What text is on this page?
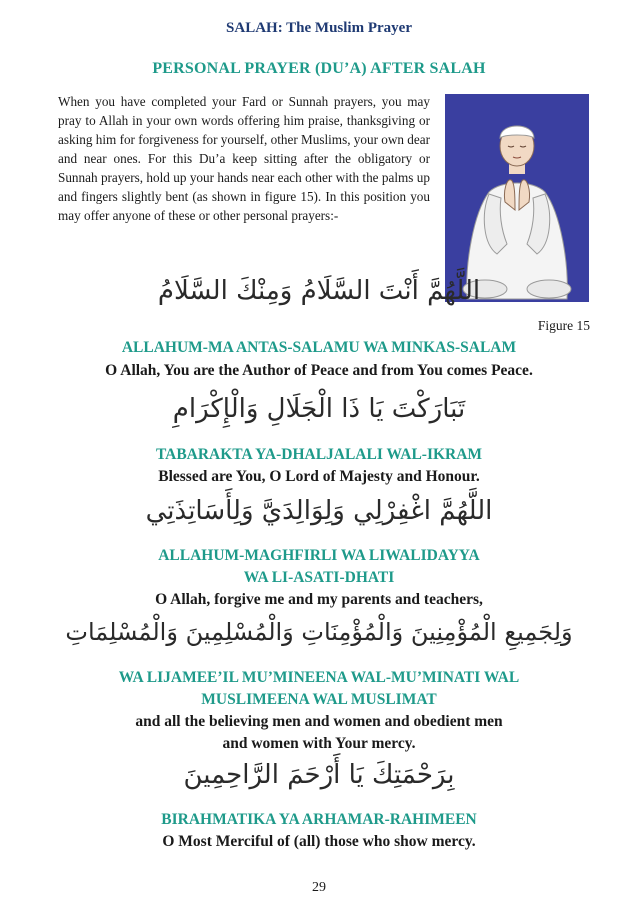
SALAH: The Muslim Prayer
PERSONAL PRAYER (DU’A) AFTER SALAH
When you have completed your Fard or Sunnah prayers, you may pray to Allah in your own words offering him praise, thanksgiving or asking him for forgiveness for yourself, other Muslims, your own dear and near ones. For this Du’a keep sitting after the obligatory or Sunnah prayers, hold up your hands near each other with the palms up and fingers slightly bent (as shown in figure 15). In this position you may offer anyone of these or other personal prayers:-
Figure 15
اللَّهُمَّ أَنْتَ السَّلَامُ وَمِنْكَ السَّلَامُ
ALLAHUM-MA ANTAS-SALAMU WA MINKAS-SALAM
O Allah, You are the Author of Peace and from You comes Peace.
تَبَارَكْتَ يَا ذَا الْجَلَالِ وَالْإِكْرَامِ
TABARAKTA YA-DHALJALALI WAL-IKRAM
Blessed are You, O Lord of Majesty and Honour.
اللَّهُمَّ اغْفِرْلِي وَلِوَالِدَيَّ وَلِأَسَاتِذَتِي
ALLAHUM-MAGHFIRLI WA LIWALIDAYYA
WA LI-ASATI-DHATI
O Allah, forgive me and my parents and teachers,
وَلِجَمِيعِ الْمُؤْمِنِينَ وَالْمُؤْمِنَاتِ وَالْمُسْلِمِينَ وَالْمُسْلِمَاتِ
WA LIJAMEE’IL MU’MINEENA WAL-MU’MINATI WAL
MUSLIMEENA WAL MUSLIMAT
and all the believing men and women and obedient men
and women with Your mercy.
بِرَحْمَتِكَ يَا أَرْحَمَ الرَّاحِمِينَ
BIRAHMATIKA YA ARHAMAR-RAHIMEEN
O Most Merciful of (all) those who show mercy.
29
